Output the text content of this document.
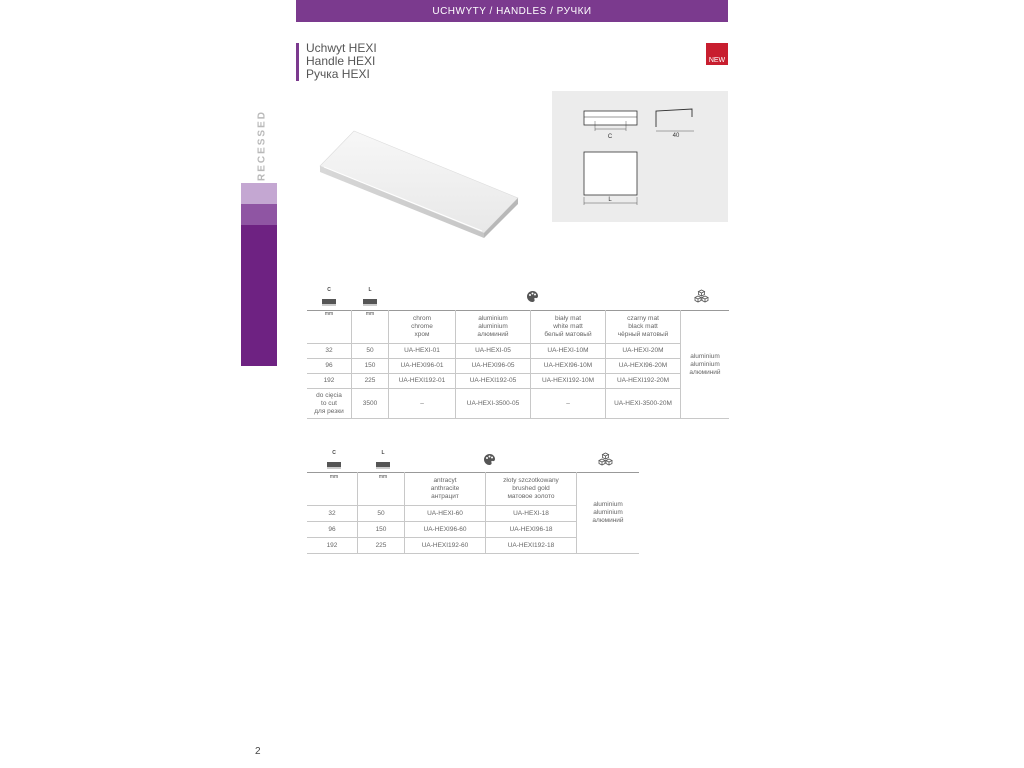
UCHWYTY / HANDLES / РУЧКИ
Uchwyt HEXI
Handle HEXI
Ручка HEXI
NEW
RECESSED	C	40
L
C
mm
L
mm
		chrom
chrome
хром	aluminium
aluminium
алюминий	biały mat
white matt
белый матовый	czarny mat
black matt
чёрный матовый	aluminium
aluminium
алюминий
32	50	UA-HEXI-01	UA-HEXI-05	UA-HEXI-10M	UA-HEXI-20M	
96	150	UA-HEXI96-01	UA-HEXI96-05	UA-HEXI96-10M	UA-HEXI96-20M	
192	225	UA-HEXI192-01	UA-HEXI192-05	UA-HEXI192-10M	UA-HEXI192-20M	
do cięcia
to cut
для резки	3500	–	UA-HEXI-3500-05	–	UA-HEXI-3500-20M	
C
mm
L
mm
			antracyt
anthracite
антрацит	złoty szczotkowany
brushed gold
матовое золото	aluminium
aluminium
алюминий
32	50	UA-HEXI-60	UA-HEXI-18	
96	150	UA-HEXI96-60	UA-HEXI96-18	
192	225	UA-HEXI192-60	UA-HEXI192-18	
2
